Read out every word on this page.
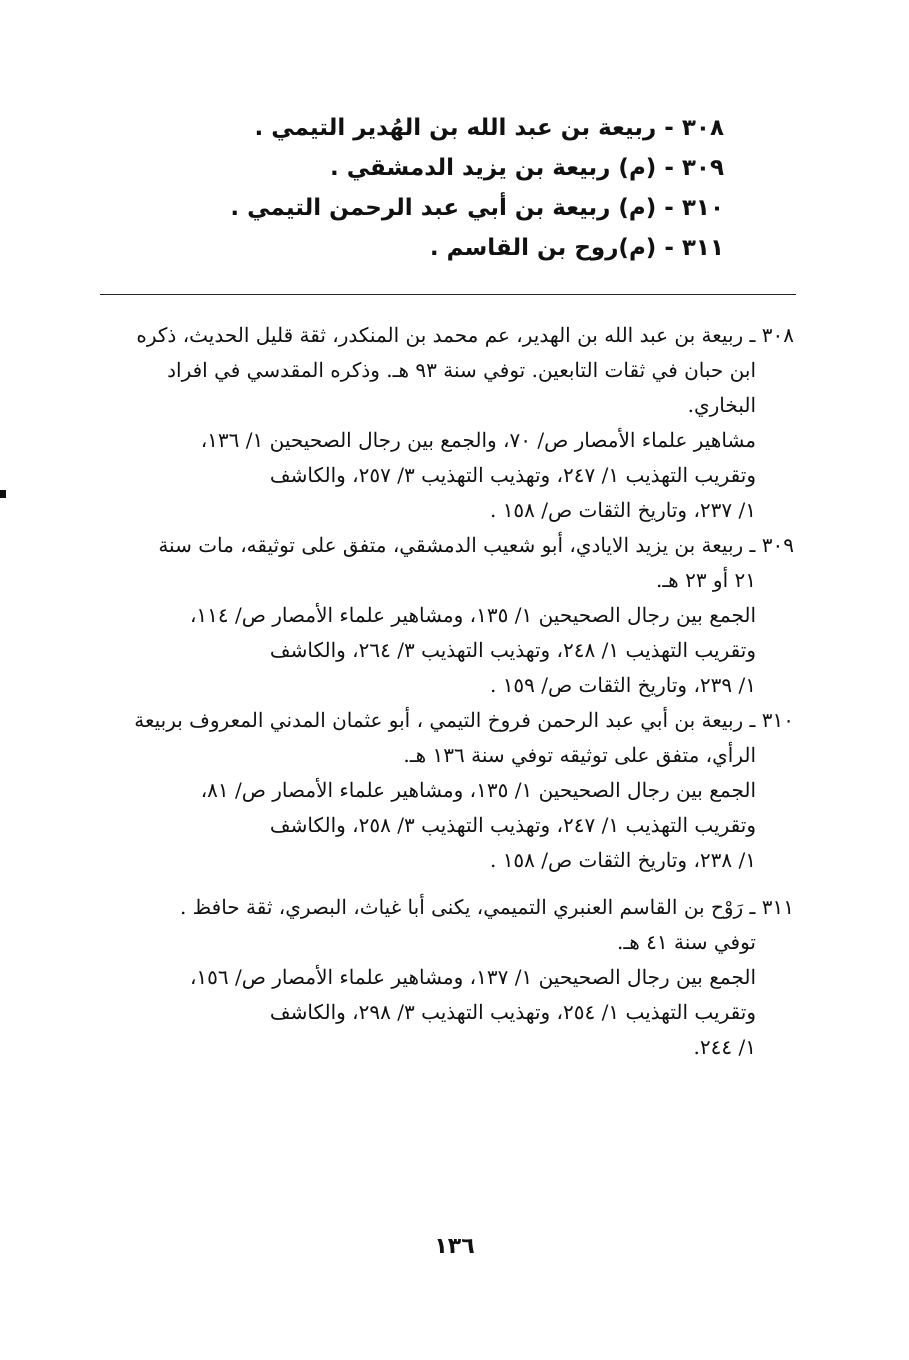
٣٠٨ - ربيعة بن عبد الله بن الهُدير التيمي .
٣٠٩ - (م) ربيعة بن يزيد الدمشقي .
٣١٠ - (م) ربيعة بن أبي عبد الرحمن التيمي .
٣١١ - (م)روح بن القاسم .
٣٠٨ ـ ربيعة بن عبد الله بن الهدير، عم محمد بن المنكدر، ثقة قليل الحديث، ذكره
ابن حبان في ثقات التابعين. توفي سنة ٩٣ هـ. وذكره المقدسي في افراد
البخاري.
مشاهير علماء الأمصار ص/ ٧٠، والجمع بين رجال الصحيحين ١/ ١٣٦،
وتقريب التهذيب ١/ ٢٤٧، وتهذيب التهذيب ٣/ ٢٥٧، والكاشف
١/ ٢٣٧، وتاريخ الثقات ص/ ١٥٨ .
٣٠٩ ـ ربيعة بن يزيد الايادي، أبو شعيب الدمشقي، متفق على توثيقه، مات سنة
٢١ أو ٢٣ هـ.
الجمع بين رجال الصحيحين ١/ ١٣٥، ومشاهير علماء الأمصار ص/ ١١٤،
وتقريب التهذيب ١/ ٢٤٨، وتهذيب التهذيب ٣/ ٢٦٤، والكاشف
١/ ٢٣٩، وتاريخ الثقات ص/ ١٥٩ .
٣١٠ ـ ربيعة بن أبي عبد الرحمن فروخ التيمي ، أبو عثمان المدني المعروف بربيعة
الرأي، متفق على توثيقه توفي سنة ١٣٦ هـ.
الجمع بين رجال الصحيحين ١/ ١٣٥، ومشاهير علماء الأمصار ص/ ٨١،
وتقريب التهذيب ١/ ٢٤٧، وتهذيب التهذيب ٣/ ٢٥٨، والكاشف
١/ ٢٣٨، وتاريخ الثقات ص/ ١٥٨ .
٣١١ ـ رَوْح بن القاسم العنبري التميمي، يكنى أبا غياث، البصري، ثقة حافظ .
توفي سنة ٤١ هـ.
الجمع بين رجال الصحيحين ١/ ١٣٧، ومشاهير علماء الأمصار ص/ ١٥٦،
وتقريب التهذيب ١/ ٢٥٤، وتهذيب التهذيب ٣/ ٢٩٨، والكاشف
١/ ٢٤٤.
١٣٦
